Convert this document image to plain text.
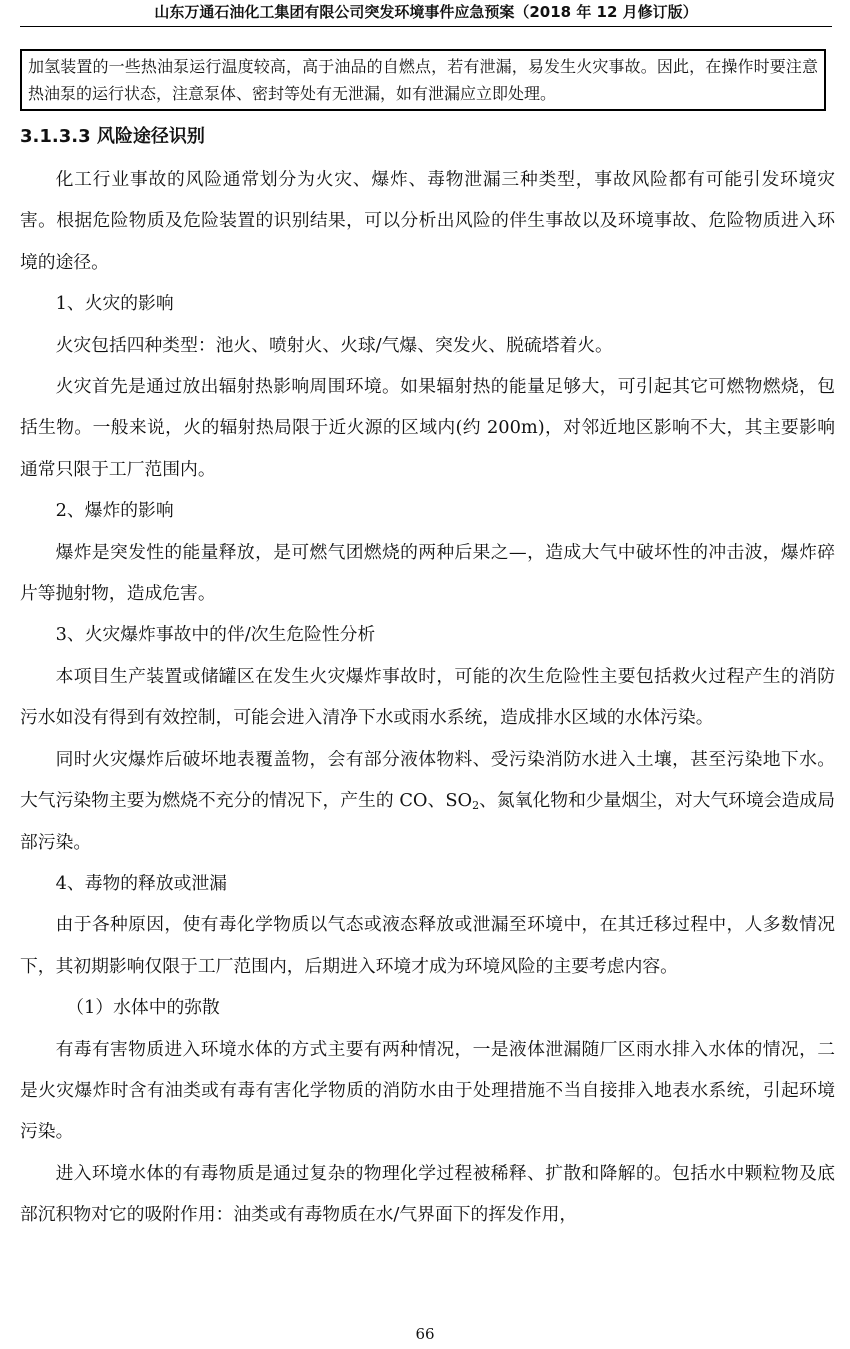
山东万通石油化工集团有限公司突发环境事件应急预案（2018 年 12 月修订版）
加氢装置的一些热油泵运行温度较高，高于油品的自燃点，若有泄漏，易发生火灾事故。因此，在操作时要注意热油泵的运行状态，注意泵体、密封等处有无泄漏，如有泄漏应立即处理。
3.1.3.3 风险途径识别

化工行业事故的风险通常划分为火灾、爆炸、毒物泄漏三种类型，事故风险都有可能引发环境灾害。根据危险物质及危险装置的识别结果，可以分析出风险的伴生事故以及环境事故、危险物质进入环境的途径。

1、火灾的影响

火灾包括四种类型：池火、喷射火、火球/气爆、突发火、脱硫塔着火。

火灾首先是通过放出辐射热影响周围环境。如果辐射热的能量足够大，可引起其它可燃物燃烧，包括生物。一般来说，火的辐射热局限于近火源的区域内(约 200m)，对邻近地区影响不大，其主要影响通常只限于工厂范围内。

2、爆炸的影响

爆炸是突发性的能量释放，是可燃气团燃烧的两种后果之—，造成大气中破坏性的冲击波，爆炸碎片等抛射物，造成危害。

3、火灾爆炸事故中的伴/次生危险性分析

本项目生产装置或储罐区在发生火灾爆炸事故时，可能的次生危险性主要包括救火过程产生的消防污水如没有得到有效控制，可能会进入清净下水或雨水系统，造成排水区域的水体污染。

同时火灾爆炸后破坏地表覆盖物，会有部分液体物料、受污染消防水进入土壤，甚至污染地下水。大气污染物主要为燃烧不充分的情况下，产生的 CO、$SO_2$、氮氧化物和少量烟尘，对大气环境会造成局部污染。

4、毒物的释放或泄漏

由于各种原因，使有毒化学物质以气态或液态释放或泄漏至环境中，在其迁移过程中，人多数情况下，其初期影响仅限于工厂范围内，后期进入环境才成为环境风险的主要考虑内容。

（1）水体中的弥散

有毒有害物质进入环境水体的方式主要有两种情况，一是液体泄漏随厂区雨水排入水体的情况，二是火灾爆炸时含有油类或有毒有害化学物质的消防水由于处理措施不当自接排入地表水系统，引起环境污染。

进入环境水体的有毒物质是通过复杂的物理化学过程被稀释、扩散和降解的。包括水中颗粒物及底部沉积物对它的吸附作用：油类或有毒物质在水/气界面下的挥发作用，

66
